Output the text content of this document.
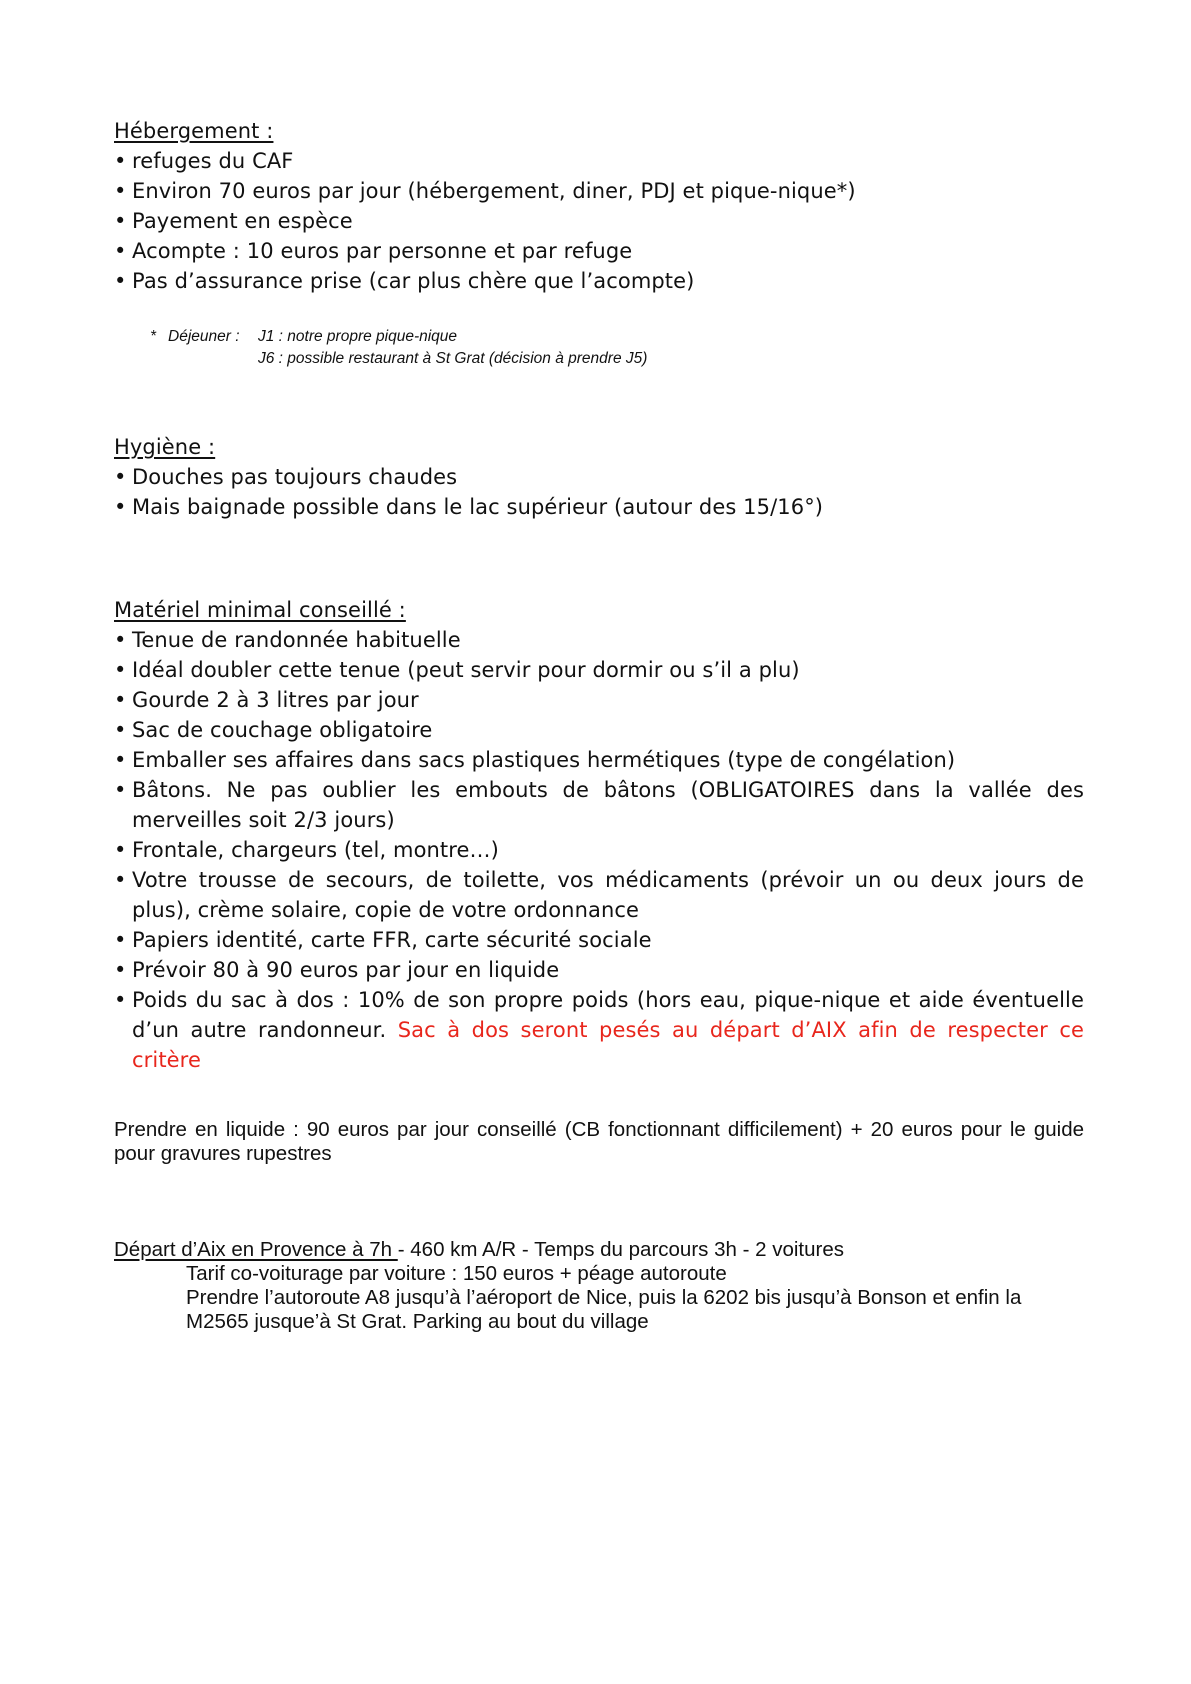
Hébergement :

• refuges du CAF
• Environ 70 euros par jour (hébergement, diner, PDJ et pique-nique*)
• Payement en espèce
• Acompte : 10 euros par personne et par refuge
• Pas d’assurance prise (car plus chère que l’acompte)
* Déjeuner : J1 : notre propre pique-nique
J6 : possible restaurant à St Grat (décision à prendre J5)

Hygiène :

• Douches pas toujours chaudes
• Mais baignade possible dans le lac supérieur (autour des 15/16°)

Matériel minimal conseillé :

• Tenue de randonnée habituelle
• Idéal doubler cette tenue (peut servir pour dormir ou s’il a plu)
• Gourde 2 à 3 litres par jour
• Sac de couchage obligatoire
• Emballer ses affaires dans sacs plastiques hermétiques (type de congélation)
• Bâtons. Ne pas oublier les embouts de bâtons (OBLIGATOIRES dans la vallée des merveilles soit 2/3 jours)
• Frontale, chargeurs (tel, montre…)
• Votre trousse de secours, de toilette, vos médicaments (prévoir un ou deux jours de plus), crème solaire, copie de votre ordonnance
• Papiers identité, carte FFR, carte sécurité sociale
• Prévoir 80 à 90 euros par jour en liquide
• Poids du sac à dos : 10% de son propre poids (hors eau, pique-nique et aide éventuelle d’un autre randonneur. Sac à dos seront pesés au départ d’AIX afin de respecter ce critère

Prendre en liquide : 90 euros par jour conseillé (CB fonctionnant difficilement) + 20 euros pour le guide pour gravures rupestres

Départ d’Aix en Provence à 7h - 460 km A/R - Temps du parcours 3h - 2 voitures

Tarif co-voiturage par voiture : 150 euros + péage autoroute

Prendre l’autoroute A8 jusqu’à l’aéroport de Nice, puis la 6202 bis jusqu’à Bonson et enfin la M2565 jusque’à St Grat. Parking au bout du village
